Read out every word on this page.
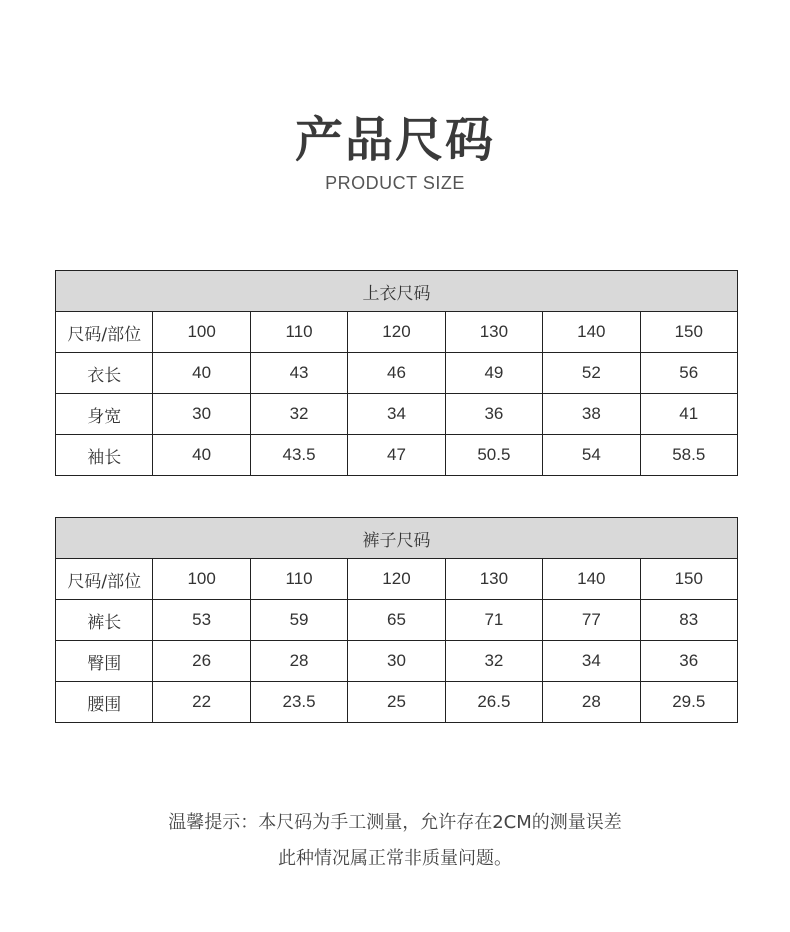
产品尺码
PRODUCT SIZE
上衣尺码						
尺码/部位	100	110	120	130	140	150
衣长	40	43	46	49	52	56
身宽	30	32	34	36	38	41
袖长	40	43.5	47	50.5	54	58.5
裤子尺码						
尺码/部位	100	110	120	130	140	150
裤长	53	59	65	71	77	83
臀围	26	28	30	32	34	36
腰围	22	23.5	25	26.5	28	29.5
温馨提示：本尺码为手工测量，允许存在2CM的测量误差
此种情况属正常非质量问题。
